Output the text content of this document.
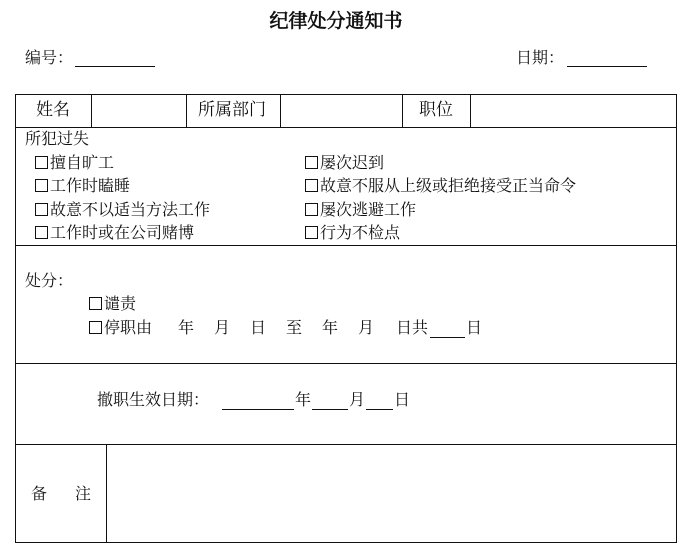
纪律处分通知书
编号：	日期：
姓名	所属部门	职位
所犯过失
擅自旷工
工作时瞌睡
故意不以适当方法工作
工作时或在公司赌博
屡次迟到
故意不服从上级或拒绝接受正当命令
屡次逃避工作
行为不检点
处分：
谴责
停职由 年 月 日 至 年 月 日共 日
撤职生效日期：	年 月 日
备 注
